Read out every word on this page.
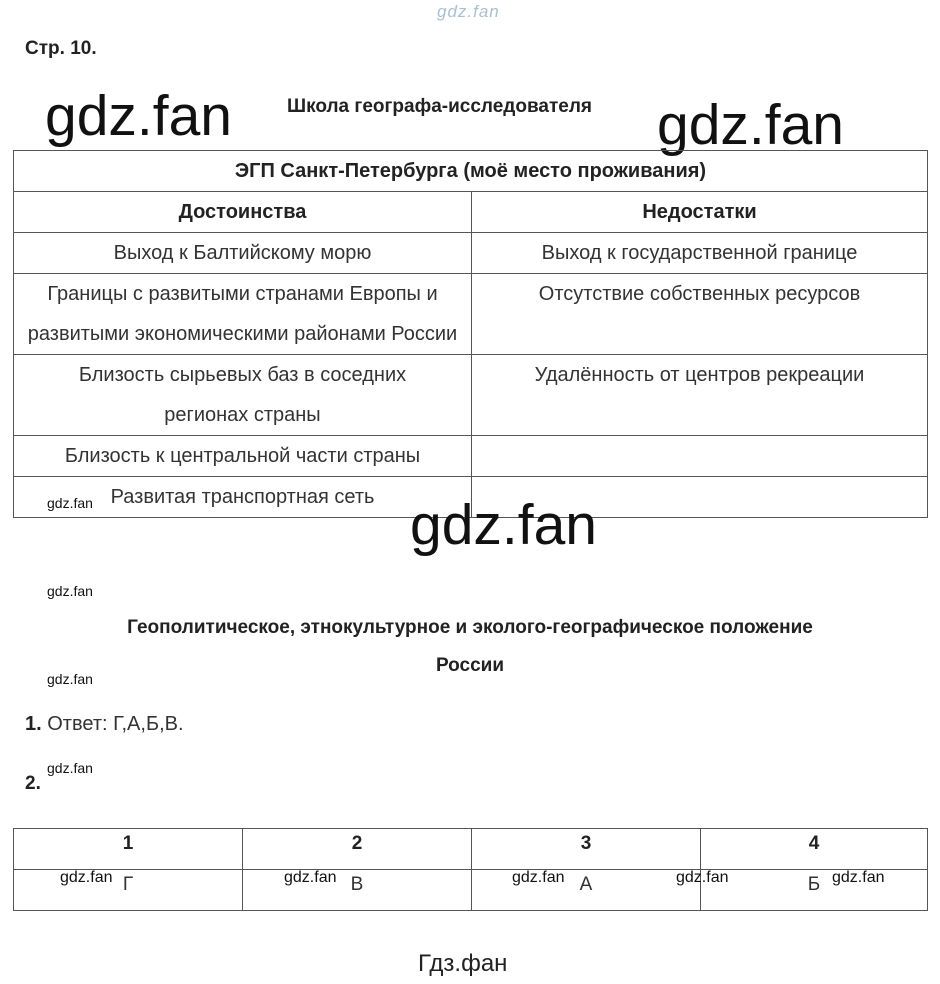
gdz.fan
Стр. 10.
gdz.fan	Школа географа-исследователя gdz.fan
ЭГП Санкт-Петербурга (моё место проживания)	
Достоинства	Недостатки
Выход к Балтийскому морю	Выход к государственной границе
Границы с развитыми странами Европы и развитыми экономическими районами России	Отсутствие собственных ресурсов
Близость сырьевых баз в соседних регионах страны	Удалённость от центров рекреации
Близость к центральной части страны	
Развитая транспортная сеть	
gdz.fan	gdz.fan
gdz.fan
Геополитическое, этнокультурное и эколого-географическое положение
России
gdz.fan
1. Ответ: Г,А,Б,В.
gdz.fan
2.
1	2	3	4
Г	В	А	Б
gdz.fan	gdz.fan	gdz.fan	gdz.fan	gdz.fan
Гдз.фан
